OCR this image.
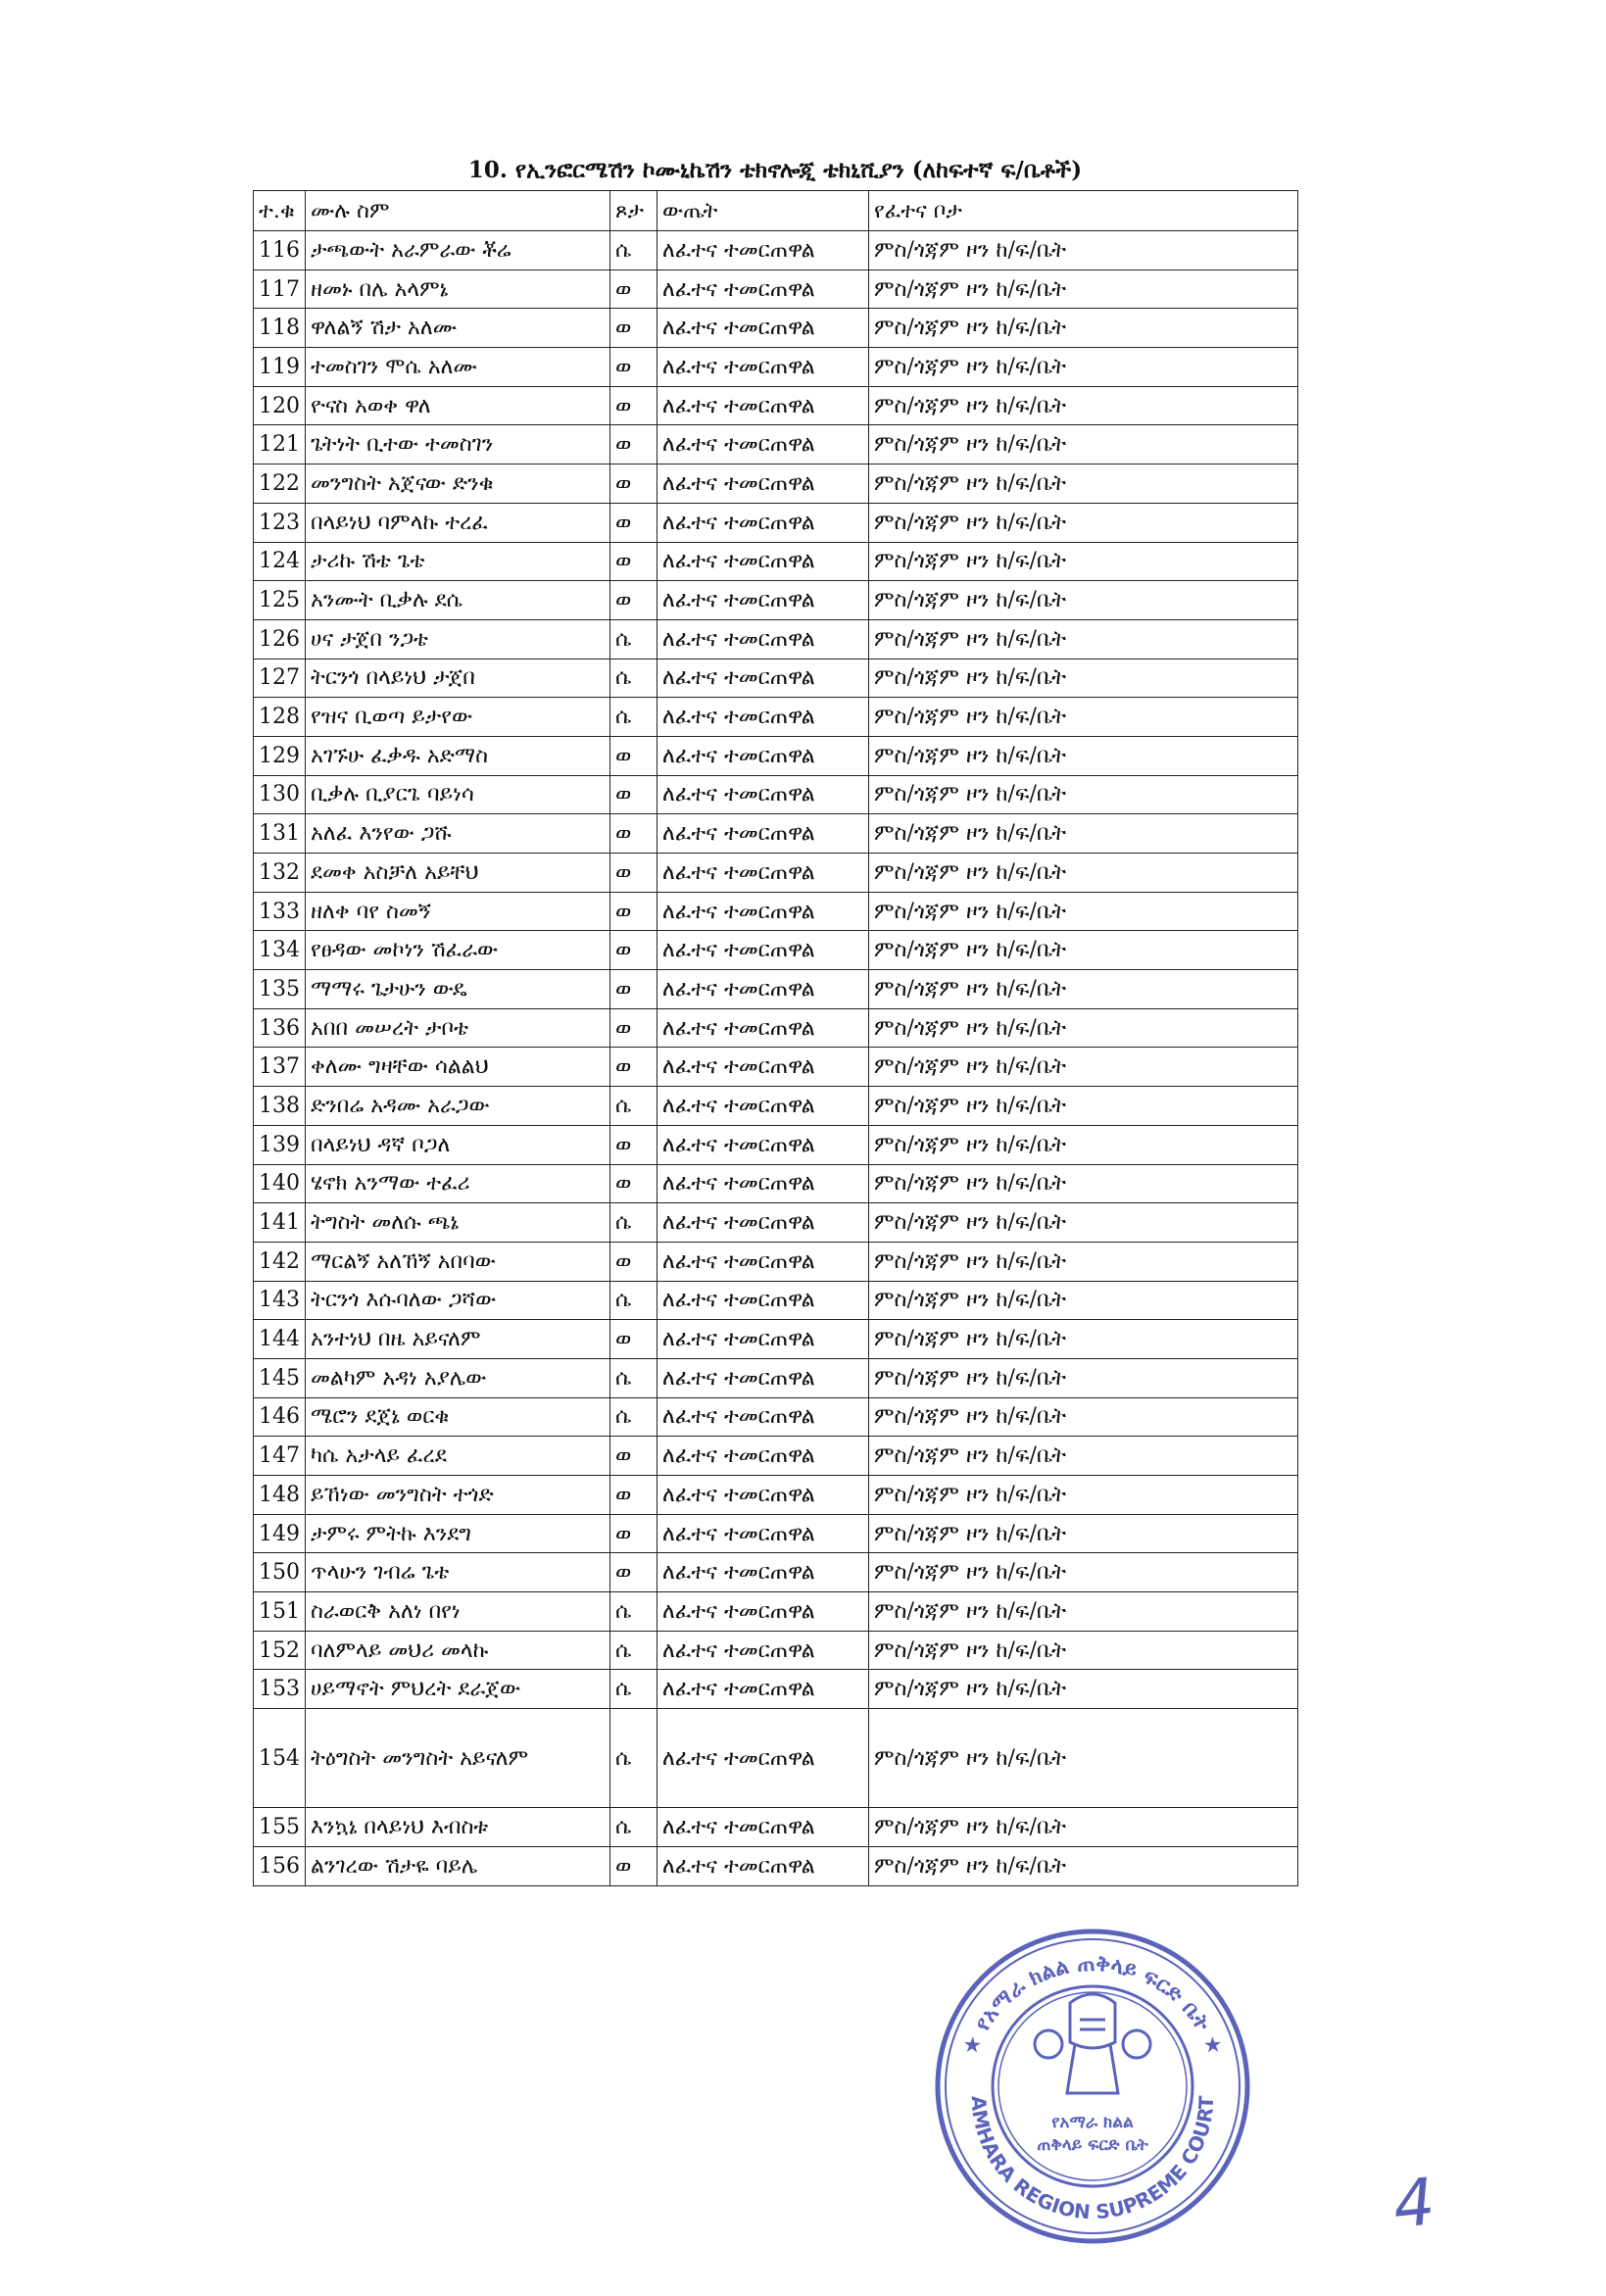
10. የኢንፎርሜሽን ኮሙኒኬሽን ቴክኖሎጂ ቴክኒሺያን (ለከፍተኛ ፍ/ቤቶች)
ተ.ቁ	ሙሉ ስም	ጾታ	ውጤት	የፈተና ቦታ
116	ታጫውት አራምራው ቾሬ	ሴ	ለፈተና ተመርጠዋል	ምስ/ጎጃም ዞን ከ/ፍ/ቤት
117	ዘመኑ በሌ አላምኔ	ወ	ለፈተና ተመርጠዋል	ምስ/ጎጃም ዞን ከ/ፍ/ቤት
118	ዋለልኝ ሽታ አለሙ	ወ	ለፈተና ተመርጠዋል	ምስ/ጎጃም ዞን ከ/ፍ/ቤት
119	ተመስገን ሞሴ አለሙ	ወ	ለፈተና ተመርጠዋል	ምስ/ጎጃም ዞን ከ/ፍ/ቤት
120	ዮናስ አወቀ ዋለ	ወ	ለፈተና ተመርጠዋል	ምስ/ጎጃም ዞን ከ/ፍ/ቤት
121	ጌትነት ቢተው ተመስገን	ወ	ለፈተና ተመርጠዋል	ምስ/ጎጃም ዞን ከ/ፍ/ቤት
122	መንግስት አጀናው ድንቁ	ወ	ለፈተና ተመርጠዋል	ምስ/ጎጃም ዞን ከ/ፍ/ቤት
123	በላይነህ ባምላኩ ተረፈ	ወ	ለፈተና ተመርጠዋል	ምስ/ጎጃም ዞን ከ/ፍ/ቤት
124	ታሪኩ ሽቴ ጌቴ	ወ	ለፈተና ተመርጠዋል	ምስ/ጎጃም ዞን ከ/ፍ/ቤት
125	አንሙት ቢቃሉ ደሴ	ወ	ለፈተና ተመርጠዋል	ምስ/ጎጃም ዞን ከ/ፍ/ቤት
126	ሀና ታጀበ ንጋቴ	ሴ	ለፈተና ተመርጠዋል	ምስ/ጎጃም ዞን ከ/ፍ/ቤት
127	ትርንጎ በላይነህ ታጀበ	ሴ	ለፈተና ተመርጠዋል	ምስ/ጎጃም ዞን ከ/ፍ/ቤት
128	የዝና ቢወጣ ይታየው	ሴ	ለፈተና ተመርጠዋል	ምስ/ጎጃም ዞን ከ/ፍ/ቤት
129	አገኙሁ ፈቃዱ አድማስ	ወ	ለፈተና ተመርጠዋል	ምስ/ጎጃም ዞን ከ/ፍ/ቤት
130	ቢቃሉ ቢያርጌ ባይነሳ	ወ	ለፈተና ተመርጠዋል	ምስ/ጎጃም ዞን ከ/ፍ/ቤት
131	አለፈ እንየው ጋሹ	ወ	ለፈተና ተመርጠዋል	ምስ/ጎጃም ዞን ከ/ፍ/ቤት
132	ደመቀ አስቻለ አይቸህ	ወ	ለፈተና ተመርጠዋል	ምስ/ጎጃም ዞን ከ/ፍ/ቤት
133	ዘለቀ ባየ ስመኝ	ወ	ለፈተና ተመርጠዋል	ምስ/ጎጃም ዞን ከ/ፍ/ቤት
134	የፀዳው መኮነን ሽፈራው	ወ	ለፈተና ተመርጠዋል	ምስ/ጎጃም ዞን ከ/ፍ/ቤት
135	ማማሩ ጌታሁን ውዴ	ወ	ለፈተና ተመርጠዋል	ምስ/ጎጃም ዞን ከ/ፍ/ቤት
136	አበበ መሠረት ታቦቴ	ወ	ለፈተና ተመርጠዋል	ምስ/ጎጃም ዞን ከ/ፍ/ቤት
137	ቀለሙ ግዛቸው ሳልልህ	ወ	ለፈተና ተመርጠዋል	ምስ/ጎጃም ዞን ከ/ፍ/ቤት
138	ድንበሬ አዳሙ አራጋው	ሴ	ለፈተና ተመርጠዋል	ምስ/ጎጃም ዞን ከ/ፍ/ቤት
139	በላይነህ ዳኛ ቦጋለ	ወ	ለፈተና ተመርጠዋል	ምስ/ጎጃም ዞን ከ/ፍ/ቤት
140	ሄኖክ አንማው ተፈሪ	ወ	ለፈተና ተመርጠዋል	ምስ/ጎጃም ዞን ከ/ፍ/ቤት
141	ትግስት መለሱ ጫኔ	ሴ	ለፈተና ተመርጠዋል	ምስ/ጎጃም ዞን ከ/ፍ/ቤት
142	ማርልኝ አለኸኝ አበባው	ወ	ለፈተና ተመርጠዋል	ምስ/ጎጃም ዞን ከ/ፍ/ቤት
143	ትርንጎ እሱባለው ጋሻው	ሴ	ለፈተና ተመርጠዋል	ምስ/ጎጃም ዞን ከ/ፍ/ቤት
144	አንተነህ በዜ አይናለም	ወ	ለፈተና ተመርጠዋል	ምስ/ጎጃም ዞን ከ/ፍ/ቤት
145	መልካም አዳነ አያሌው	ሴ	ለፈተና ተመርጠዋል	ምስ/ጎጃም ዞን ከ/ፍ/ቤት
146	ሜሮን ደጀኔ ወርቁ	ሴ	ለፈተና ተመርጠዋል	ምስ/ጎጃም ዞን ከ/ፍ/ቤት
147	ካሴ አታላይ ፈረደ	ወ	ለፈተና ተመርጠዋል	ምስ/ጎጃም ዞን ከ/ፍ/ቤት
148	ይኸነው መንግስት ተጎድ	ወ	ለፈተና ተመርጠዋል	ምስ/ጎጃም ዞን ከ/ፍ/ቤት
149	ታምሩ ምትኩ እንደግ	ወ	ለፈተና ተመርጠዋል	ምስ/ጎጃም ዞን ከ/ፍ/ቤት
150	ጥላሁን ገብሬ ጌቴ	ወ	ለፈተና ተመርጠዋል	ምስ/ጎጃም ዞን ከ/ፍ/ቤት
151	ስራወርቅ አለነ በየነ	ሴ	ለፈተና ተመርጠዋል	ምስ/ጎጃም ዞን ከ/ፍ/ቤት
152	ባለምላይ መህሪ መላኩ	ሴ	ለፈተና ተመርጠዋል	ምስ/ጎጃም ዞን ከ/ፍ/ቤት
153	ሀይማኖት ምህረት ደራጀው	ሴ	ለፈተና ተመርጠዋል	ምስ/ጎጃም ዞን ከ/ፍ/ቤት
154	ትዕግስት መንግስት አይናለም	ሴ	ለፈተና ተመርጠዋል	ምስ/ጎጃም ዞን ከ/ፍ/ቤት
155	እንኳኔ በላይነህ እብስቱ	ሴ	ለፈተና ተመርጠዋል	ምስ/ጎጃም ዞን ከ/ፍ/ቤት
156	ልንገረው ሽታዬ ባይሌ	ወ	ለፈተና ተመርጠዋል	ምስ/ጎጃም ዞን ከ/ፍ/ቤት
★ የአማራ ክልል ጠቅላይ ፍርድ ቤት ★
AMHARA REGION SUPREME COURT
የአማራ ክልል
ጠቅላይ ፍርድ ቤት
4
